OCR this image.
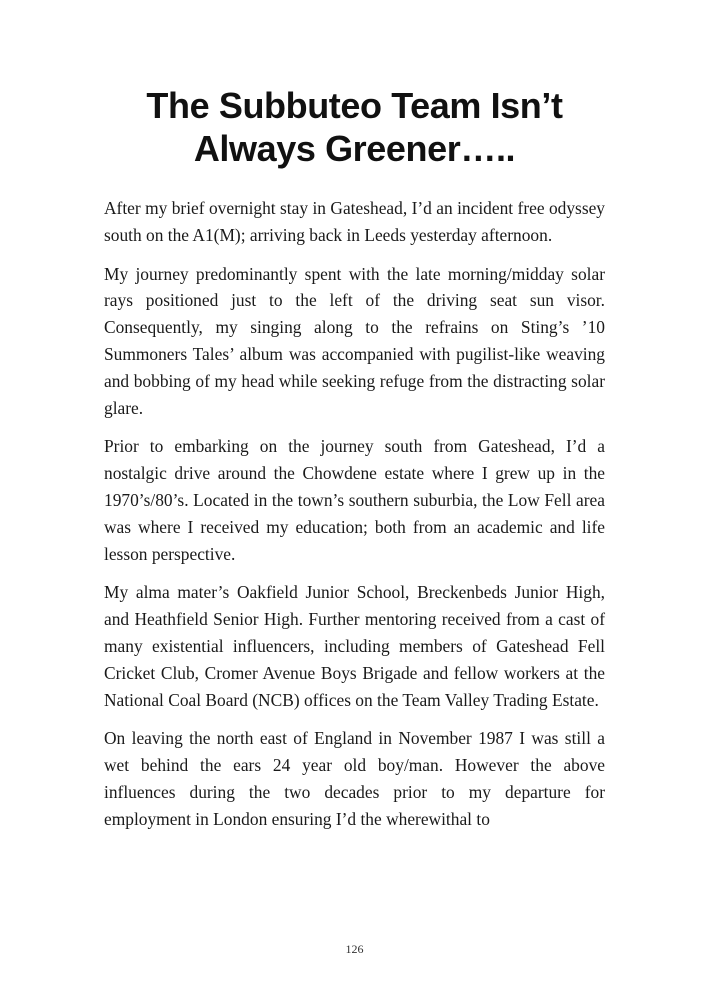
The Subbuteo Team Isn’t
Always Greener…..

After my brief overnight stay in Gateshead, I’d an incident free odyssey south on the A1(M); arriving back in Leeds yesterday afternoon.

My journey predominantly spent with the late morning/midday solar rays positioned just to the left of the driving seat sun visor. Consequently, my singing along to the refrains on Sting’s ’10 Summoners Tales’ album was accompanied with pugilist-like weaving and bobbing of my head while seeking refuge from the distracting solar glare.

Prior to embarking on the journey south from Gateshead, I’d a nostalgic drive around the Chowdene estate where I grew up in the 1970’s/80’s. Located in the town’s southern suburbia, the Low Fell area was where I received my education; both from an academic and life lesson perspective.

My alma mater’s Oakfield Junior School, Breckenbeds Junior High, and Heathfield Senior High. Further mentoring received from a cast of many existential influencers, including members of Gateshead Fell Cricket Club, Cromer Avenue Boys Brigade and fellow workers at the National Coal Board (NCB) offices on the Team Valley Trading Estate.

On leaving the north east of England in November 1987 I was still a wet behind the ears 24 year old boy/man. However the above influences during the two decades prior to my departure for employment in London ensuring I’d the wherewithal to

126
